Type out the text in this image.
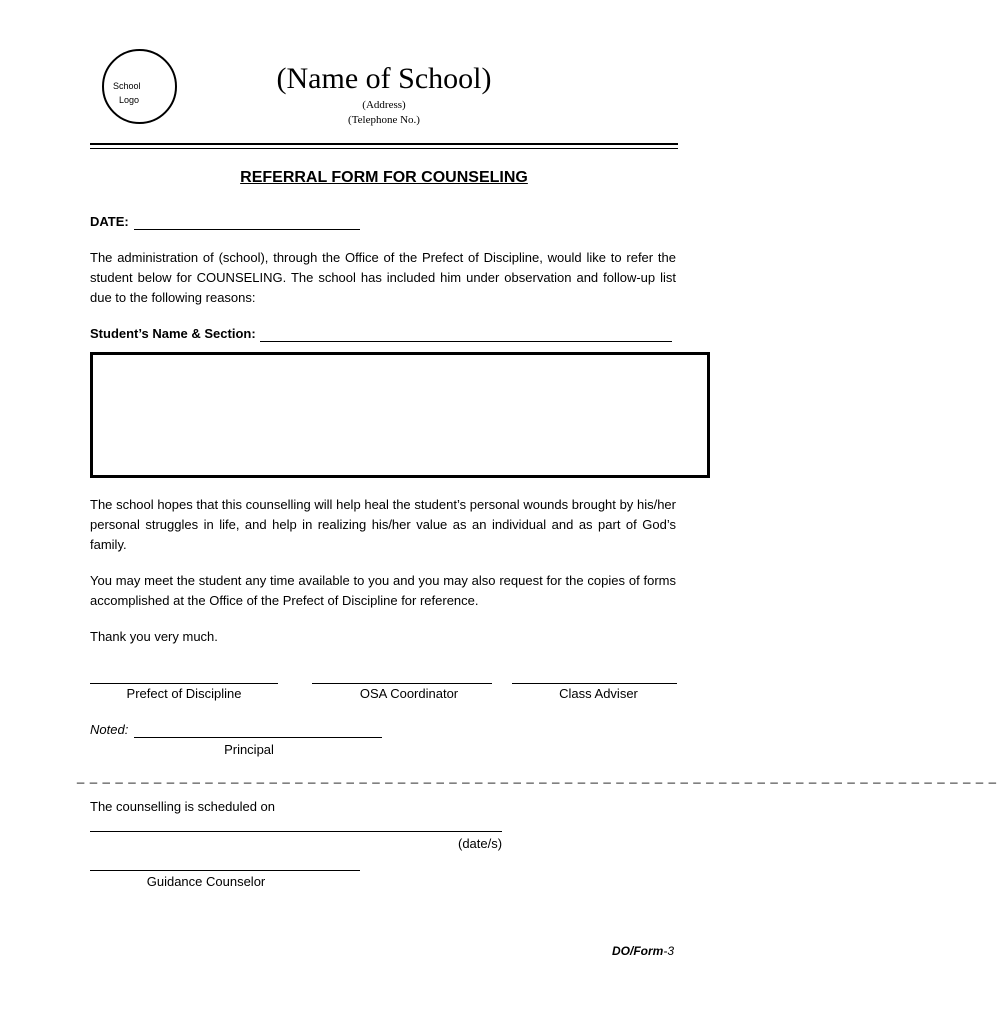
School
Logo
(Name of School)
(Address)
(Telephone No.)
REFERRAL FORM FOR COUNSELING
DATE:
The administration of (school), through the Office of the Prefect of Discipline, would like to refer the student below for COUNSELING. The school has included him under observation and follow-up list due to the following reasons:
Student’s Name & Section:
The school hopes that this counselling will help heal the student’s personal wounds brought by his/her personal struggles in life, and help in realizing his/her value as an individual and as part of God’s family.
You may meet the student any time available to you and you may also request for the copies of forms accomplished at the Office of the Prefect of Discipline for reference.
Thank you very much.
Prefect of Discipline	OSA Coordinator	Class Adviser
Noted:
Principal
_ _ _ _ _ _ _ _ _ _ _ _ _ _ _ _ _ _ _ _ _ _ _ _ _ _ _ _ _ _ _ _ _ _ _ _ _ _ _ _ _ _ _ _ _ _ _ _ _ _ _ _ _ _ _ _ _ _ _ _ _ _ _ _ _ _ _ _ _ _ _ _
The counselling is scheduled on
(date/s)
Guidance Counselor
DO/Form-3
